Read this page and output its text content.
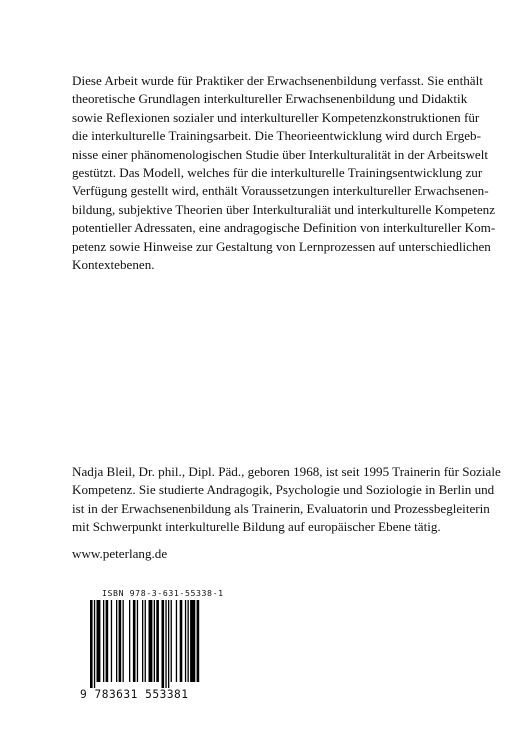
Diese Arbeit wurde für Praktiker der Erwachsenenbildung verfasst. Sie enthält
theoretische Grundlagen interkultureller Erwachsenenbildung und Didaktik
sowie Reflexionen sozialer und interkultureller Kompetenzkonstruktionen für
die interkulturelle Trainingsarbeit. Die Theorieentwicklung wird durch Ergeb-
nisse einer phänomenologischen Studie über Interkulturalität in der Arbeitswelt
gestützt. Das Modell, welches für die interkulturelle Trainingsentwicklung zur
Verfügung gestellt wird, enthält Voraussetzungen interkultureller Erwachsenen-
bildung, subjektive Theorien über Interkulturaliät und interkulturelle Kompetenz
potentieller Adressaten, eine andragogische Definition von interkultureller Kom-
petenz sowie Hinweise zur Gestaltung von Lernprozessen auf unterschiedlichen
Kontextebenen.
Nadja Bleil, Dr. phil., Dipl. Päd., geboren 1968, ist seit 1995 Trainerin für Soziale
Kompetenz. Sie studierte Andragogik, Psychologie und Soziologie in Berlin und
ist in der Erwachsenenbildung als Trainerin, Evaluatorin und Prozessbegleiterin
mit Schwerpunkt interkulturelle Bildung auf europäischer Ebene tätig.

www.peterlang.de

ISBN 978-3-631-55338-1
9 783631 553381
